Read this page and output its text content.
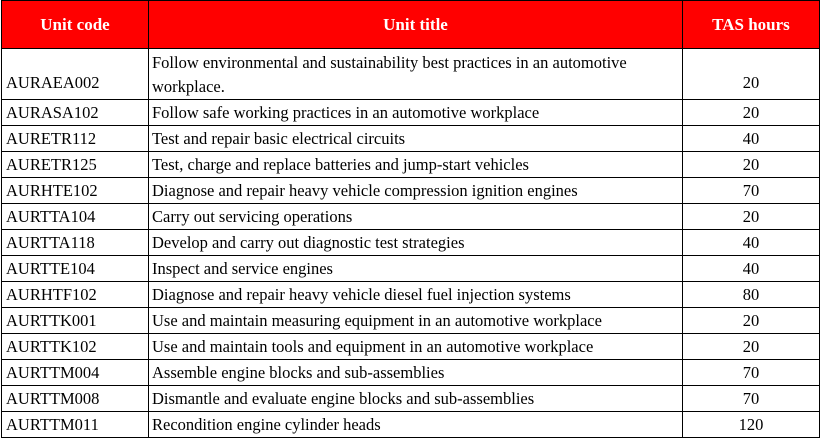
Unit code	Unit title	TAS hours
AURAEA002	Follow environmental and sustainability best practices in an automotive workplace.	20
AURASA102	Follow safe working practices in an automotive workplace	20
AURETR112	Test and repair basic electrical circuits	40
AURETR125	Test, charge and replace batteries and jump-start vehicles	20
AURHTE102	Diagnose and repair heavy vehicle compression ignition engines	70
AURTTA104	Carry out servicing operations	20
AURTTA118	Develop and carry out diagnostic test strategies	40
AURTTE104	Inspect and service engines	40
AURHTF102	Diagnose and repair heavy vehicle diesel fuel injection systems	80
AURTTK001	Use and maintain measuring equipment in an automotive workplace	20
AURTTK102	Use and maintain tools and equipment in an automotive workplace	20
AURTTM004	Assemble engine blocks and sub-assemblies	70
AURTTM008	Dismantle and evaluate engine blocks and sub-assemblies	70
AURTTM011	Recondition engine cylinder heads	120
